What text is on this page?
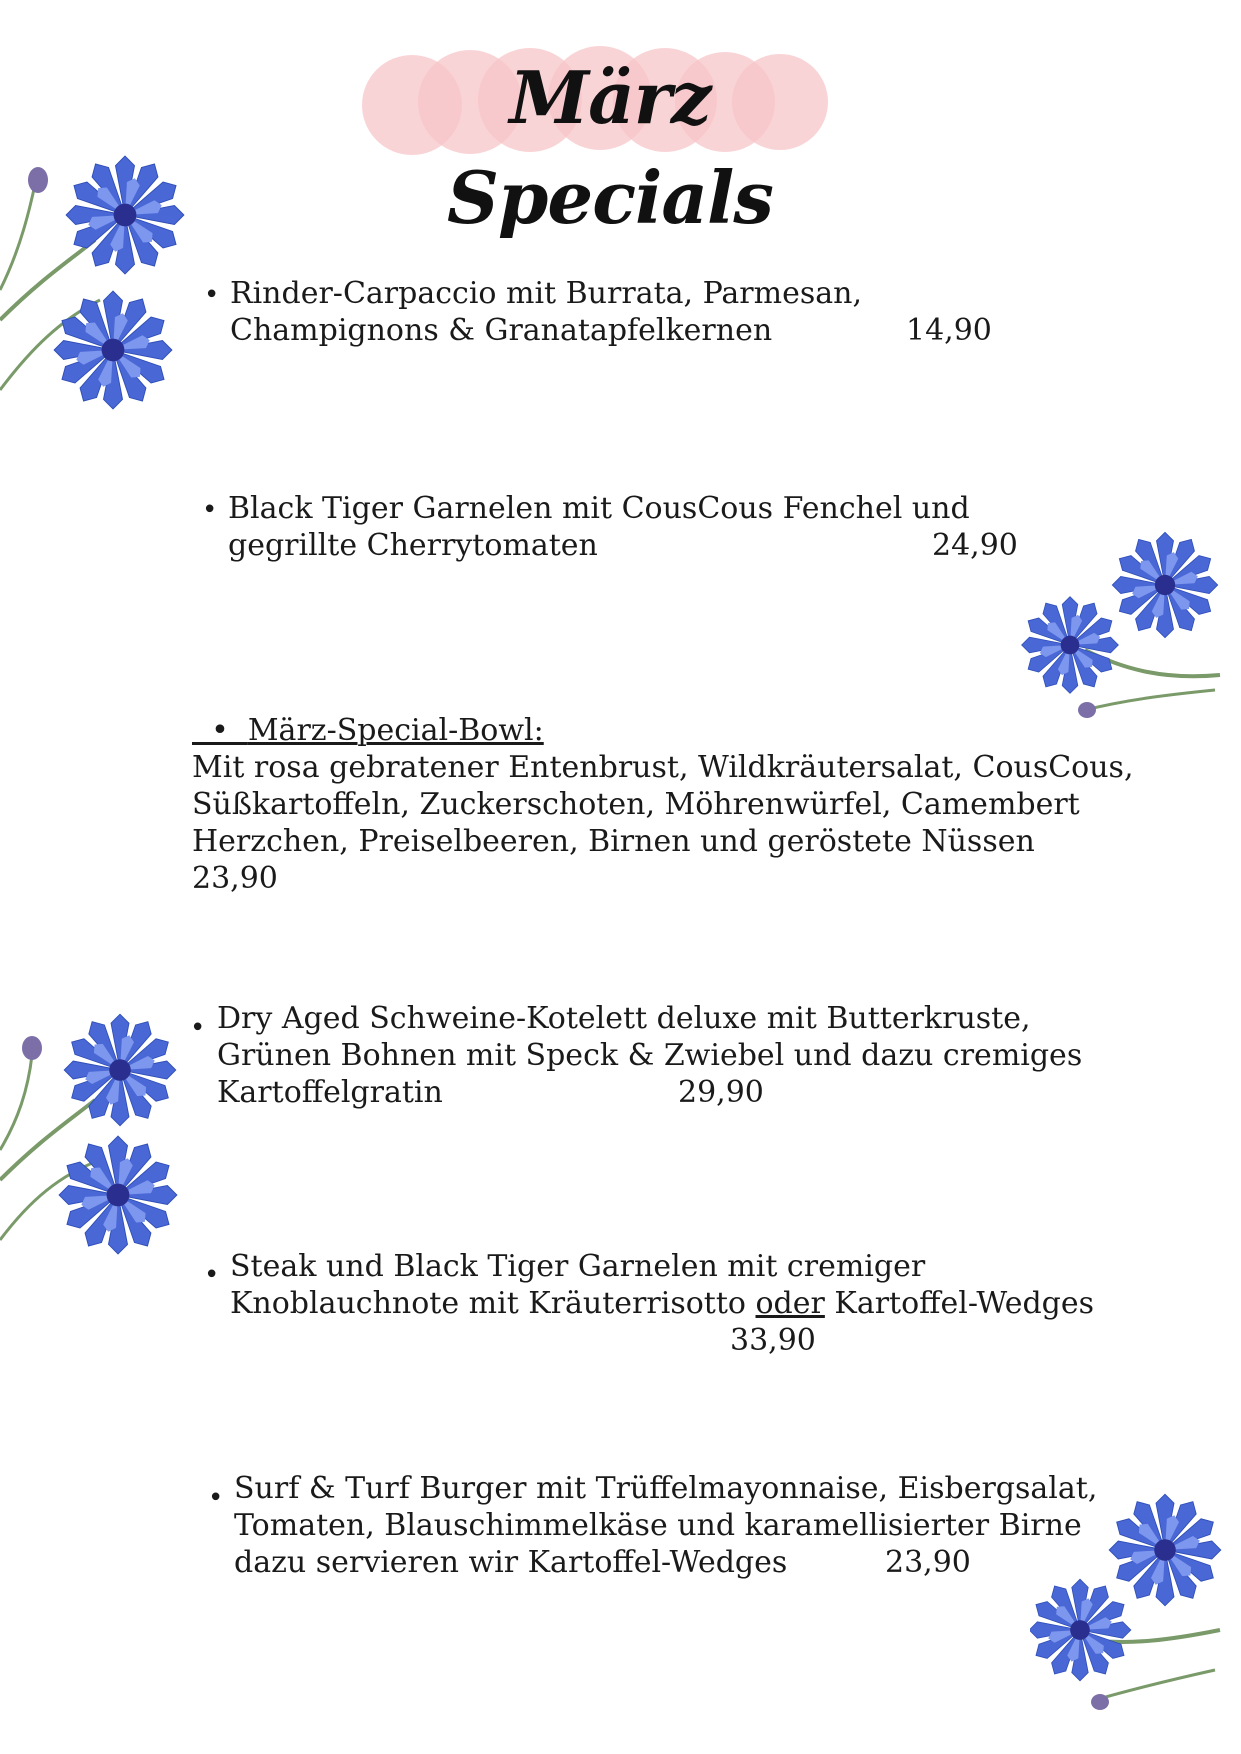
März Specials
• Rinder-Carpaccio mit Burrata, Parmesan,
Champignons & Granatapfelkernen	14,90
• Black Tiger Garnelen mit CousCous Fenchel und
gegrillte Cherrytomaten	24,90
•  März-Special-Bowl:
Mit rosa gebratener Entenbrust, Wildkräutersalat, CousCous,
Süßkartoffeln, Zuckerschoten, Möhrenwürfel, Camembert
Herzchen, Preiselbeeren, Birnen und geröstete Nüssen
23,90
• Dry Aged Schweine-Kotelett deluxe mit Butterkruste,
Grünen Bohnen mit Speck & Zwiebel und dazu cremiges
Kartoffelgratin	29,90
• Steak und Black Tiger Garnelen mit cremiger
Knoblauchnote mit Kräuterrisotto oder Kartoffel-Wedges
33,90
• Surf & Turf Burger mit Trüffelmayonnaise, Eisbergsalat,
Tomaten, Blauschimmelkäse und karamellisierter Birne
dazu servieren wir Kartoffel-Wedges	23,90
